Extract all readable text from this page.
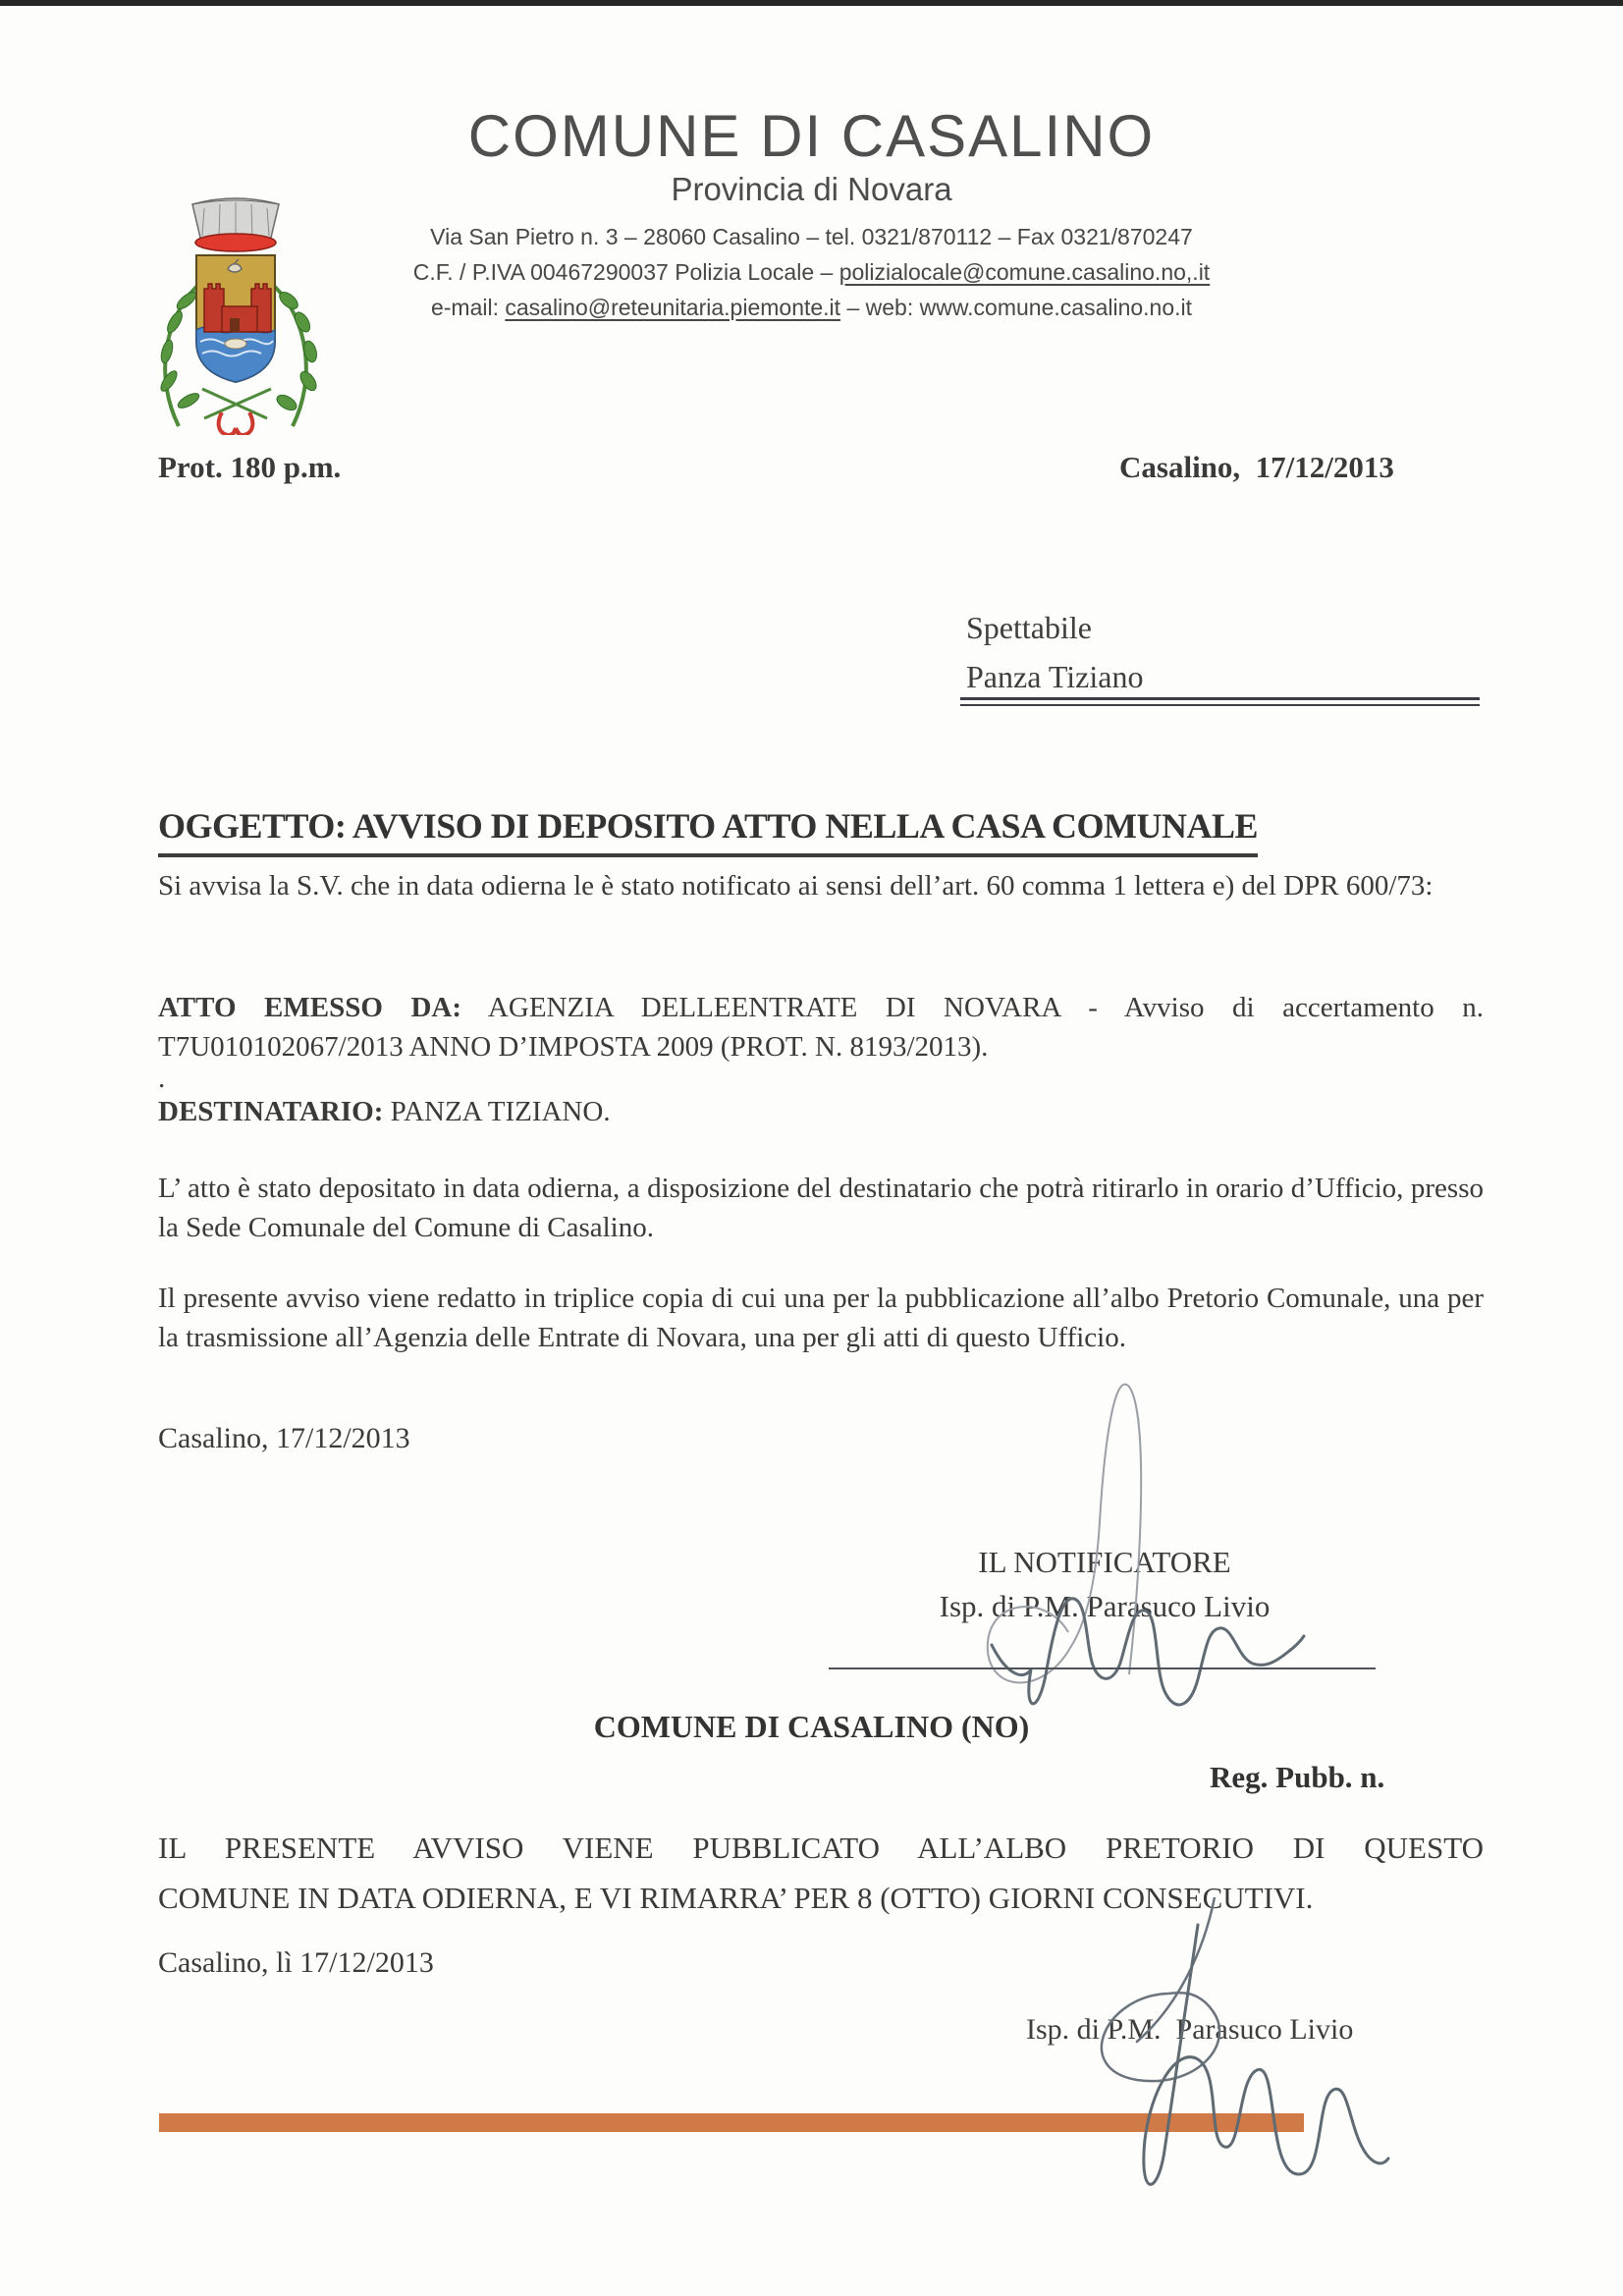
COMUNE DI CASALINO
Provincia di Novara
Via San Pietro n. 3 – 28060 Casalino – tel. 0321/870112 – Fax 0321/870247
C.F. / P.IVA 00467290037 Polizia Locale – polizialocale@comune.casalino.no,.it
e-mail: casalino@reteunitaria.piemonte.it – web: www.comune.casalino.no.it
Prot. 180 p.m.	Casalino,  17/12/2013
Spettabile
Panza Tiziano
OGGETTO: AVVISO DI DEPOSITO ATTO NELLA CASA COMUNALE
Si avvisa la S.V. che in data odierna le è stato notificato ai sensi dell’art. 60 comma 1 lettera e) del DPR 600/73:
ATTO EMESSO DA: AGENZIA DELLEENTRATE DI NOVARA - Avviso di accertamento n. T7U010102067/2013 ANNO D’IMPOSTA 2009 (PROT. N. 8193/2013).
.
DESTINATARIO: PANZA TIZIANO.
L’ atto è stato depositato in data odierna, a disposizione del destinatario che potrà ritirarlo in orario d’Ufficio, presso la Sede Comunale del Comune di Casalino.
Il presente avviso viene redatto in triplice copia di cui una per la pubblicazione all’albo Pretorio Comunale, una per la trasmissione all’Agenzia delle Entrate di Novara, una per gli atti di questo Ufficio.
Casalino, 17/12/2013
IL NOTIFICATORE
Isp. di P.M. Parasuco Livio
COMUNE DI CASALINO (NO)
Reg. Pubb. n.
IL PRESENTE AVVISO VIENE PUBBLICATO ALL’ALBO PRETORIO DI QUESTO
COMUNE IN DATA ODIERNA, E VI RIMARRA’ PER 8 (OTTO) GIORNI CONSECUTIVI.
Casalino, lì 17/12/2013
Isp. di P.M.  Parasuco Livio
